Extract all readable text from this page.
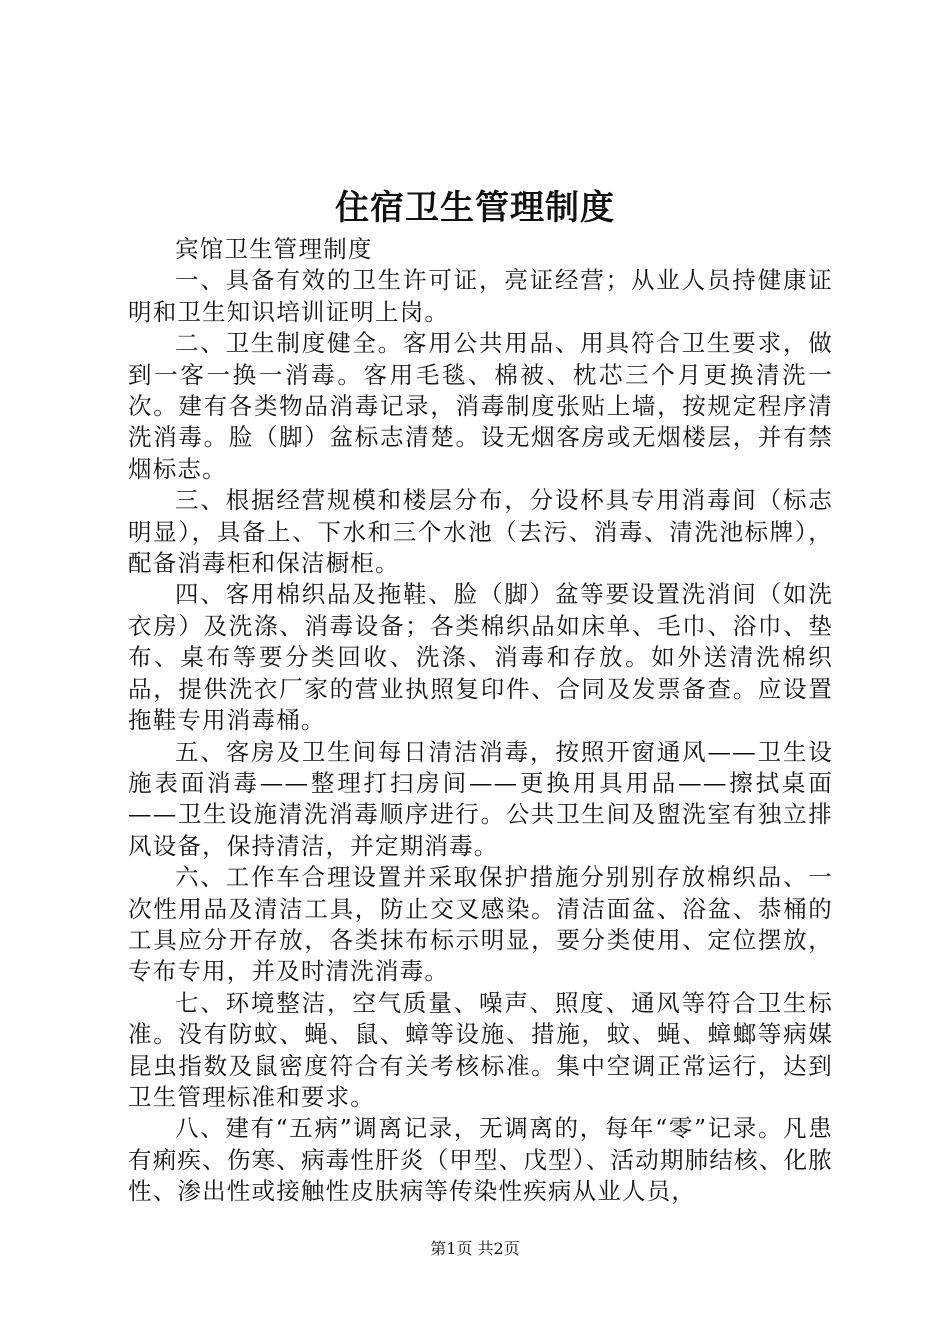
住宿卫生管理制度

宾馆卫生管理制度

一、具备有效的卫生许可证，亮证经营；从业人员持健康证明和卫生知识培训证明上岗。

二、卫生制度健全。客用公共用品、用具符合卫生要求，做到一客一换一消毒。客用毛毯、棉被、枕芯三个月更换清洗一次。建有各类物品消毒记录，消毒制度张贴上墙，按规定程序清洗消毒。脸（脚）盆标志清楚。设无烟客房或无烟楼层，并有禁烟标志。

三、根据经营规模和楼层分布，分设杯具专用消毒间（标志明显），具备上、下水和三个水池（去污、消毒、清洗池标牌），配备消毒柜和保洁橱柜。

四、客用棉织品及拖鞋、脸（脚）盆等要设置洗消间（如洗衣房）及洗涤、消毒设备；各类棉织品如床单、毛巾、浴巾、垫布、桌布等要分类回收、洗涤、消毒和存放。如外送清洗棉织品，提供洗衣厂家的营业执照复印件、合同及发票备查。应设置拖鞋专用消毒桶。

五、客房及卫生间每日清洁消毒，按照开窗通风——卫生设施表面消毒——整理打扫房间——更换用具用品——擦拭桌面——卫生设施清洗消毒顺序进行。公共卫生间及盥洗室有独立排风设备，保持清洁，并定期消毒。

六、工作车合理设置并采取保护措施分别别存放棉织品、一次性用品及清洁工具，防止交叉感染。清洁面盆、浴盆、恭桶的工具应分开存放，各类抹布标示明显，要分类使用、定位摆放，专布专用，并及时清洗消毒。

七、环境整洁，空气质量、噪声、照度、通风等符合卫生标准。没有防蚊、蝇、鼠、蟑等设施、措施，蚊、蝇、蟑螂等病媒昆虫指数及鼠密度符合有关考核标准。集中空调正常运行，达到卫生管理标准和要求。

八、建有“五病”调离记录，无调离的，每年“零”记录。凡患有痢疾、伤寒、病毒性肝炎（甲型、戊型）、活动期肺结核、化脓性、渗出性或接触性皮肤病等传染性疾病从业人员，

第1页 共2页
